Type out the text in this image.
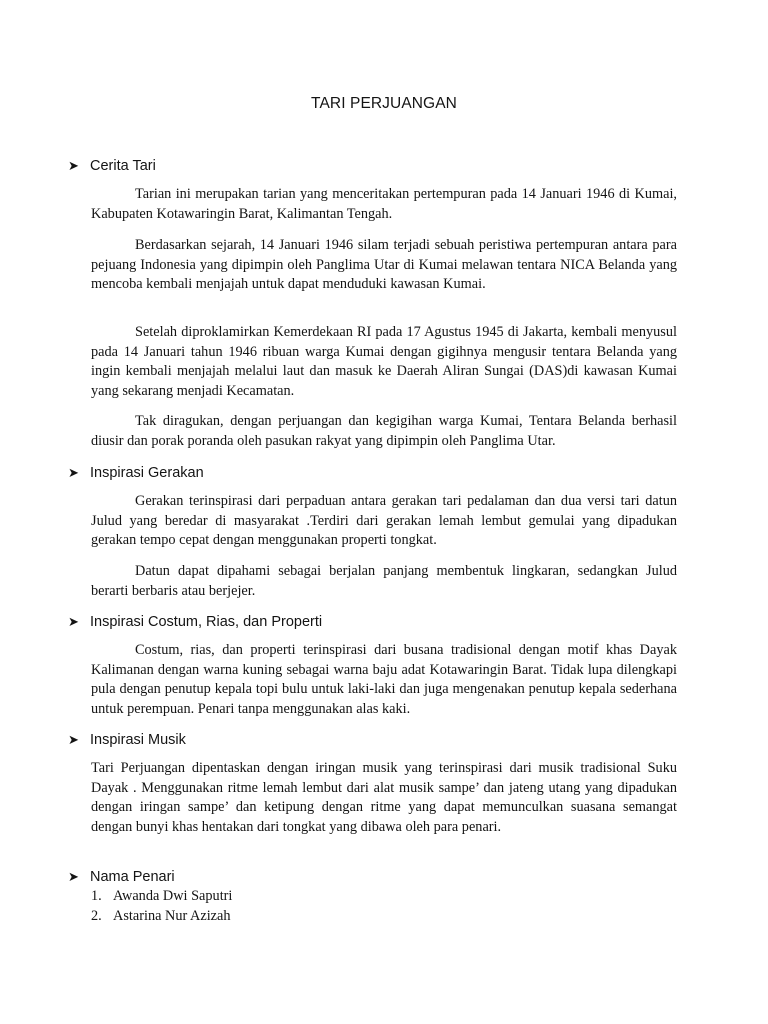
TARI PERJUANGAN
➤ Cerita Tari

Tarian ini merupakan tarian yang menceritakan pertempuran pada 14 Januari 1946 di Kumai, Kabupaten Kotawaringin Barat, Kalimantan Tengah.

Berdasarkan sejarah, 14 Januari 1946 silam terjadi sebuah peristiwa pertempuran antara para pejuang Indonesia yang dipimpin oleh Panglima Utar di Kumai melawan tentara NICA Belanda yang mencoba kembali menjajah untuk dapat menduduki kawasan Kumai.

Setelah diproklamirkan Kemerdekaan RI pada 17 Agustus 1945 di Jakarta, kembali menyusul pada 14 Januari tahun 1946 ribuan warga Kumai dengan gigihnya mengusir tentara Belanda yang ingin kembali menjajah melalui laut dan masuk ke Daerah Aliran Sungai (DAS)di kawasan Kumai yang sekarang menjadi Kecamatan.

Tak diragukan, dengan perjuangan dan kegigihan warga Kumai, Tentara Belanda berhasil diusir dan porak poranda oleh pasukan rakyat yang dipimpin oleh Panglima Utar.

➤ Inspirasi Gerakan

Gerakan terinspirasi dari perpaduan antara gerakan tari pedalaman dan dua versi tari datun Julud yang beredar di masyarakat .Terdiri dari gerakan lemah lembut gemulai yang dipadukan gerakan tempo cepat dengan menggunakan properti tongkat.

Datun dapat dipahami sebagai berjalan panjang membentuk lingkaran, sedangkan Julud berarti berbaris atau berjejer.

➤ Inspirasi Costum, Rias, dan Properti

Costum, rias, dan properti terinspirasi dari busana tradisional dengan motif khas Dayak Kalimanan dengan warna kuning sebagai warna baju adat Kotawaringin Barat. Tidak lupa dilengkapi pula dengan penutup kepala topi bulu untuk laki-laki dan juga mengenakan penutup kepala sederhana untuk perempuan. Penari tanpa menggunakan alas kaki.

➤ Inspirasi Musik

Tari Perjuangan dipentaskan dengan iringan musik yang terinspirasi dari musik tradisional Suku Dayak . Menggunakan ritme lemah lembut dari alat musik sampe’ dan jateng utang yang dipadukan dengan iringan sampe’ dan ketipung dengan ritme yang dapat memunculkan suasana semangat dengan bunyi khas hentakan dari tongkat yang dibawa oleh para penari.

➤ Nama Penari
1. Awanda Dwi Saputri
2. Astarina Nur Azizah
